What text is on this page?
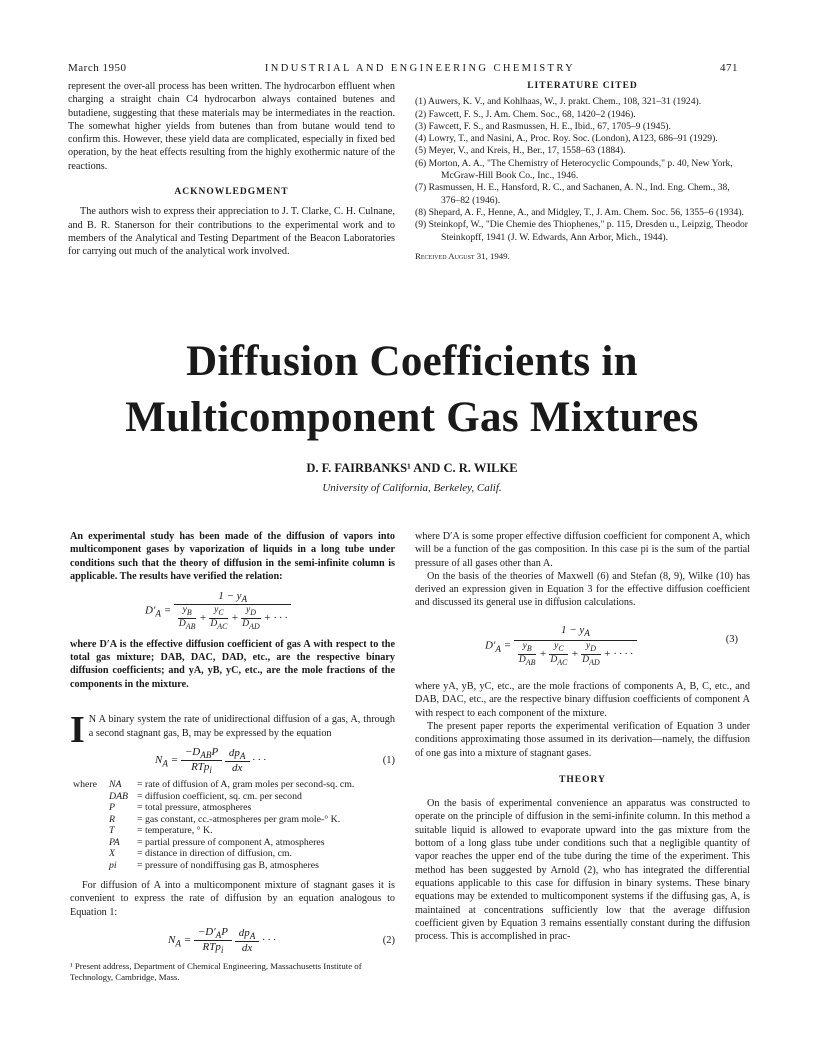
March 1950	INDUSTRIAL AND ENGINEERING CHEMISTRY	471

represent the over-all process has been written. The hydrocarbon effluent when charging a straight chain C4 hydrocarbon always contained butenes and butadiene, suggesting that these materials may be intermediates in the reaction. The somewhat higher yields from butenes than from butane would tend to confirm this. However, these yield data are complicated, especially in fixed bed operation, by the heat effects resulting from the highly exothermic nature of the reactions.

ACKNOWLEDGMENT

The authors wish to express their appreciation to J. T. Clarke, C. H. Culnane, and B. R. Stanerson for their contributions to the experimental work and to members of the Analytical and Testing Department of the Beacon Laboratories for carrying out much of the analytical work involved.

LITERATURE CITED

(1) Auwers, K. V., and Kohlhaas, W., J. prakt. Chem., 108, 321–31 (1924).

(2) Fawcett, F. S., J. Am. Chem. Soc., 68, 1420–2 (1946).

(3) Fawcett, F. S., and Rasmussen, H. E., Ibid., 67, 1705–9 (1945).

(4) Lowry, T., and Nasini, A., Proc. Roy. Soc. (London), A123, 686–91 (1929).

(5) Meyer, V., and Kreis, H., Ber., 17, 1558–63 (1884).

(6) Morton, A. A., "The Chemistry of Heterocyclic Compounds," p. 40, New York, McGraw-Hill Book Co., Inc., 1946.

(7) Rasmussen, H. E., Hansford, R. C., and Sachanen, A. N., Ind. Eng. Chem., 38, 376–82 (1946).

(8) Shepard, A. F., Henne, A., and Midgley, T., J. Am. Chem. Soc. 56, 1355–6 (1934).

(9) Steinkopf, W., "Die Chemie des Thiophenes," p. 115, Dresden u., Leipzig, Theodor Steinkopff, 1941 (J. W. Edwards, Ann Arbor, Mich., 1944).

Received August 31, 1949.
Diffusion Coefficients in
Multicomponent Gas Mixtures
D. F. FAIRBANKS¹ AND C. R. WILKE
University of California, Berkeley, Calif.
An experimental study has been made of the diffusion of vapors into multicomponent gases by vaporization of liquids in a long tube under conditions such that the theory of diffusion in the semi-infinite column is applicable. The results have verified the relation:
$D'_A = \frac{1 - y_A}{\frac{y_B}{D_{AB}} + \frac{y_C}{D_{AC}} + \frac{y_D}{D_{AD}} + \cdot \cdot \cdot}$
where D′A is the effective diffusion coefficient of gas A with respect to the total gas mixture; DAB, DAC, DAD, etc., are the respective binary diffusion coefficients; and yA, yB, yC, etc., are the mole fractions of the components in the mixture.
I N A binary system the rate of unidirectional diffusion of a gas, A, through a second stagnant gas, B, may be expressed by the equation
$N_A = \frac{-D_{AB}P}{RTp_i}$
$\frac{dp_A}{dx}$ · · ·	(1)
where	NA	= rate of diffusion of A, gram moles per second-sq. cm.
	DAB	= diffusion coefficient, sq. cm. per second
	P	= total pressure, atmospheres
	R	= gas constant, cc.-atmospheres per gram mole-° K.
	T	= temperature, ° K.
	PA	= partial pressure of component A, atmospheres
	X	= distance in direction of diffusion, cm.
	pi	= pressure of nondiffusing gas B, atmospheres

For diffusion of A into a multicomponent mixture of stagnant gases it is convenient to express the rate of diffusion by an equation analogous to Equation 1:

$N_A = \frac{-D'_AP}{RTp_i}$
$\frac{dp_A}{dx}$ · · ·	(2)
¹ Present address, Department of Chemical Engineering, Massachusetts Institute of Technology, Cambridge, Mass.

where D′A is some proper effective diffusion coefficient for component A, which will be a function of the gas composition. In this case pi is the sum of the partial pressure of all gases other than A.

On the basis of the theories of Maxwell (6) and Stefan (8, 9), Wilke (10) has derived an expression given in Equation 3 for the effective diffusion coefficient and discussed its general use in diffusion calculations.

$D'_A = \frac{1 - y_A}{\frac{y_B}{D_{AB}} + \frac{y_C}{D_{AC}} + \frac{y_D}{D_{AD}} + \cdot \cdot \cdot \cdot}$	(3)

where yA, yB, yC, etc., are the mole fractions of components A, B, C, etc., and DAB, DAC, etc., are the respective binary diffusion coefficients of component A with respect to each component of the mixture.

The present paper reports the experimental verification of Equation 3 under conditions approximating those assumed in its derivation—namely, the diffusion of one gas into a mixture of stagnant gases.

THEORY

On the basis of experimental convenience an apparatus was constructed to operate on the principle of diffusion in the semi-infinite column. In this method a suitable liquid is allowed to evaporate upward into the gas mixture from the bottom of a long glass tube under conditions such that a negligible quantity of vapor reaches the upper end of the tube during the time of the experiment. This method has been suggested by Arnold (2), who has integrated the differential equations applicable to this case for diffusion in binary systems. These binary equations may be extended to multicomponent systems if the diffusing gas, A, is maintained at concentrations sufficiently low that the average diffusion coefficient given by Equation 3 remains essentially constant during the diffusion process. This is accomplished in prac-
